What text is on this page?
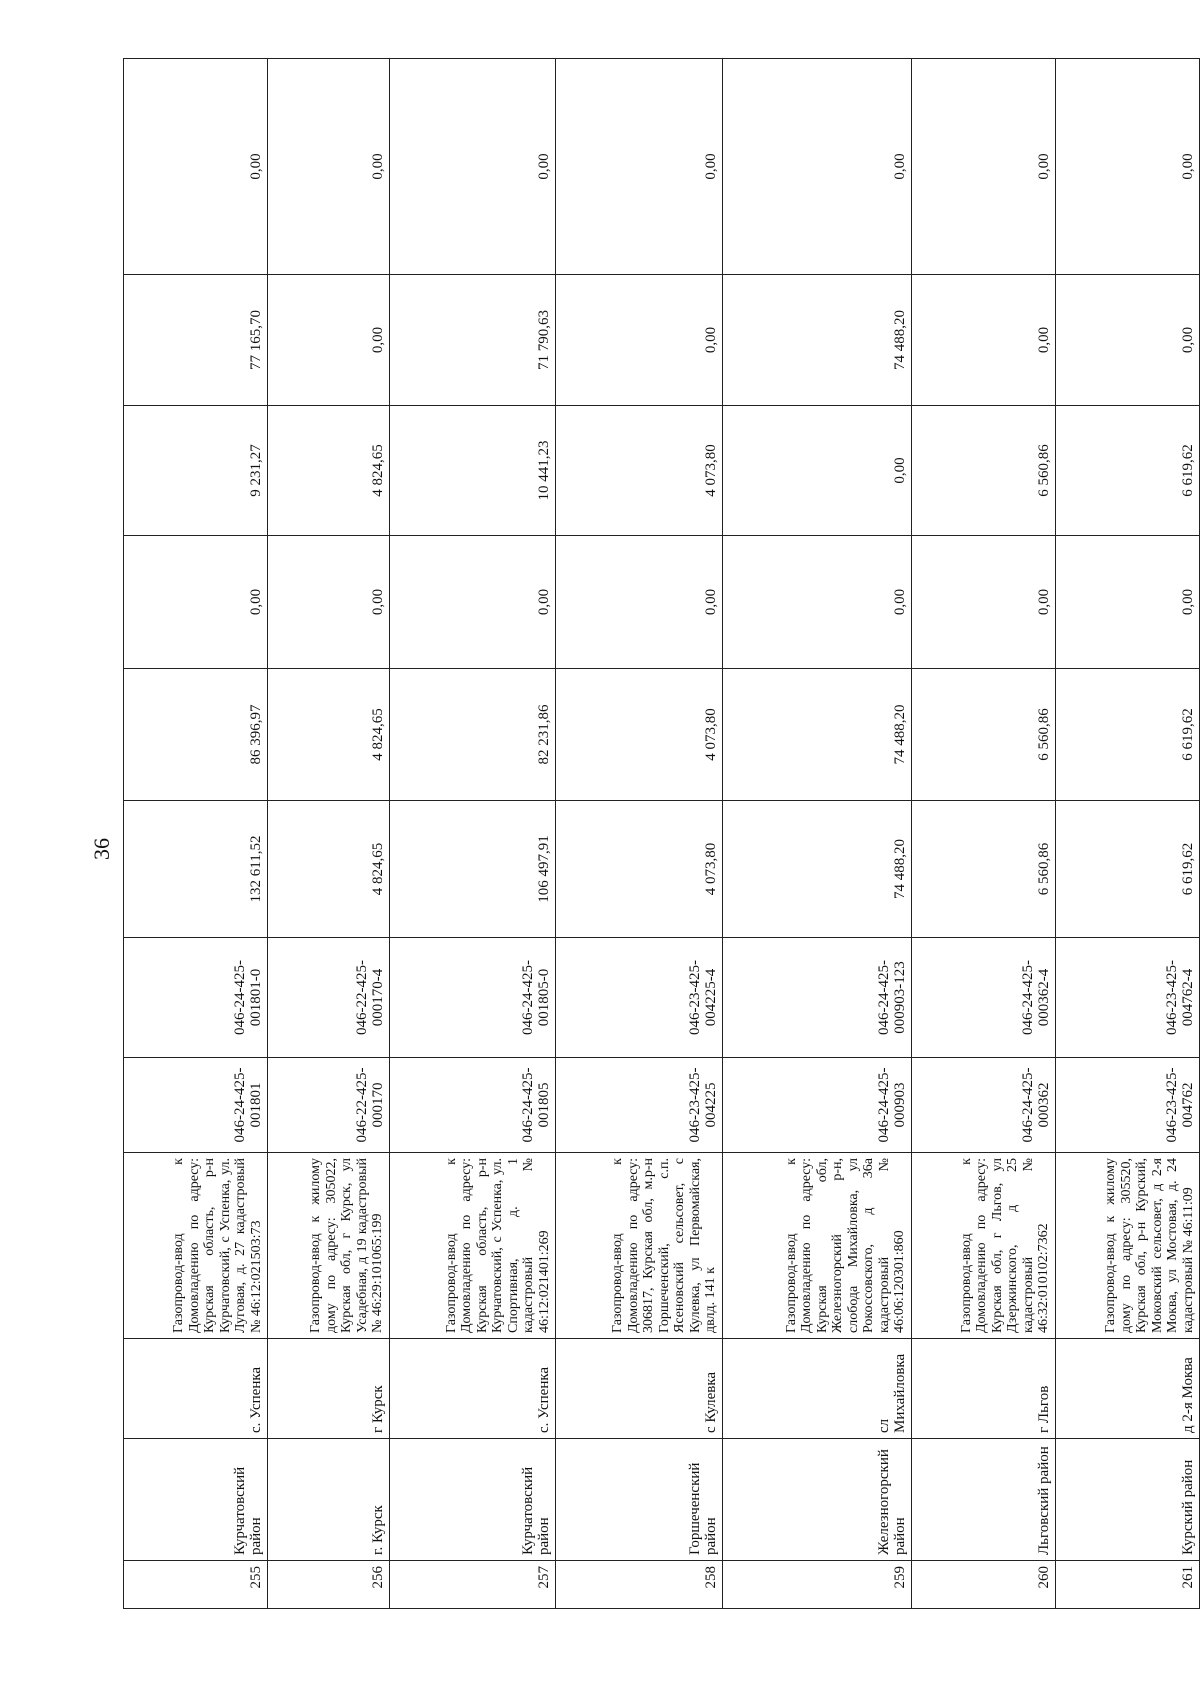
36
255	Курчатовский район	с. Успенка	Газопровод-ввод к Домовладению по адресу: Курская область, р-н Курчатовский, с Успенка, ул. Луговая, д. 27 кадастровый № 46:12:021503:73	046-24-425-001801	046-24-425-001801-0	132 611,52	86 396,97	0,00	9 231,27	77 165,70	0,00
256	г. Курск	г Курск	Газопровод-ввод к жилому дому по адресу: 305022, Курская обл, г Курск, ул Усадебная, д 19 кадастровый № 46:29:101065:199	046-22-425-000170	046-22-425-000170-4	4 824,65	4 824,65	0,00	4 824,65	0,00	0,00
257	Курчатовский район	с. Успенка	Газопровод-ввод к Домовладению по адресу: Курская область, р-н Курчатовский, с Успенка, ул. Спортивная, д. 1 кадастровый № 46:12:021401:269	046-24-425-001805	046-24-425-001805-0	106 497,91	82 231,86	0,00	10 441,23	71 790,63	0,00
258	Горшеченский район	с Кулевка	Газопровод-ввод к Домовладению по адресу: 306817, Курская обл, м.р-н Горшеченский, с.п. Ясеновский сельсовет, с Кулевка, ул Первомайская, двлд. 141 к	046-23-425-004225	046-23-425-004225-4	4 073,80	4 073,80	0,00	4 073,80	0,00	0,00
259	Железногорский район	сл Михайловка	Газопровод-ввод к Домовладению по адресу: Курская обл, Железногорский р-н, слобода Михайловка, ул Рокоссовского, д 36а кадастровый № 46:06:120301:860	046-24-425-000903	046-24-425-000903-123	74 488,20	74 488,20	0,00	0,00	74 488,20	0,00
260	Льговский район	г Льгов	Газопровод-ввод к Домовладению по адресу: Курская обл, г Льгов, ул Дзержинского, д 25 кадастровый № 46:32:010102:7362	046-24-425-000362	046-24-425-000362-4	6 560,86	6 560,86	0,00	6 560,86	0,00	0,00
261	Курский район	д 2-я Моква	Газопровод-ввод к жилому дому по адресу: 305520, Курская обл, р-н Курский, Моковский сельсовет, д 2-я Моква, ул Мостовая, д. 24 кадастровый № 46:11:09	046-23-425-004762	046-23-425-004762-4	6 619,62	6 619,62	0,00	6 619,62	0,00	0,00
